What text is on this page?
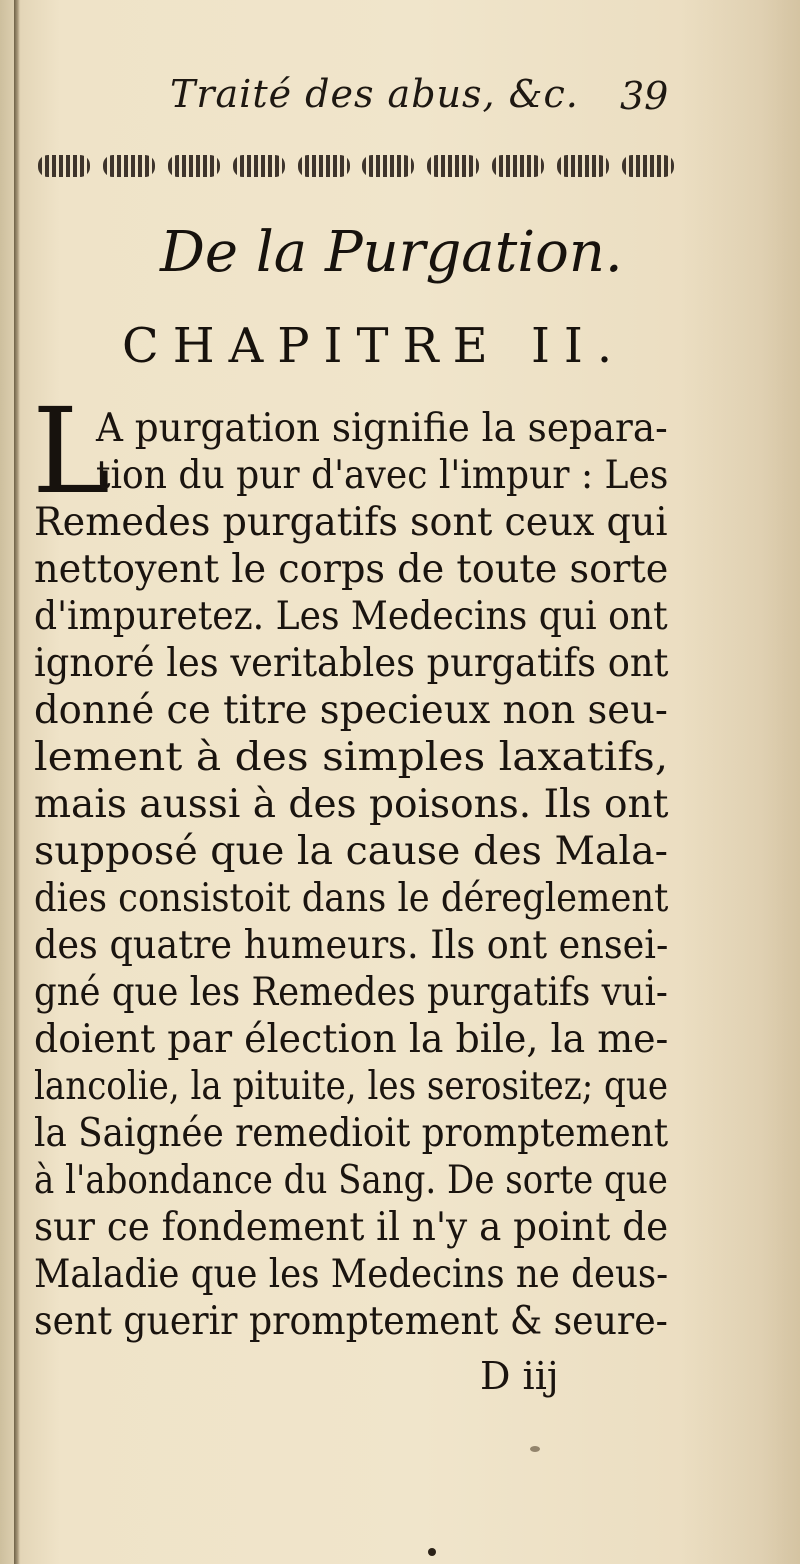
Traité des abus, &c. 39
De la Purgation.
CHAPITRE II.
L
A purgation signifie la separa-
tion du pur d'avec l'impur : Les
Remedes purgatifs sont ceux qui
nettoyent le corps de toute sorte
d'impuretez. Les Medecins qui ont
ignoré les veritables purgatifs ont
donné ce titre specieux non seu-
lement à des simples laxatifs,
mais aussi à des poisons. Ils ont
supposé que la cause des Mala-
dies consistoit dans le déreglement
des quatre humeurs. Ils ont ensei-
gné que les Remedes purgatifs vui-
doient par élection la bile, la me-
lancolie, la pituite, les serositez; que
la Saignée remedioit promptement
à l'abondance du Sang. De sorte que
sur ce fondement il n'y a point de
Maladie que les Medecins ne deus-
sent guerir promptement & seure-
D iij
